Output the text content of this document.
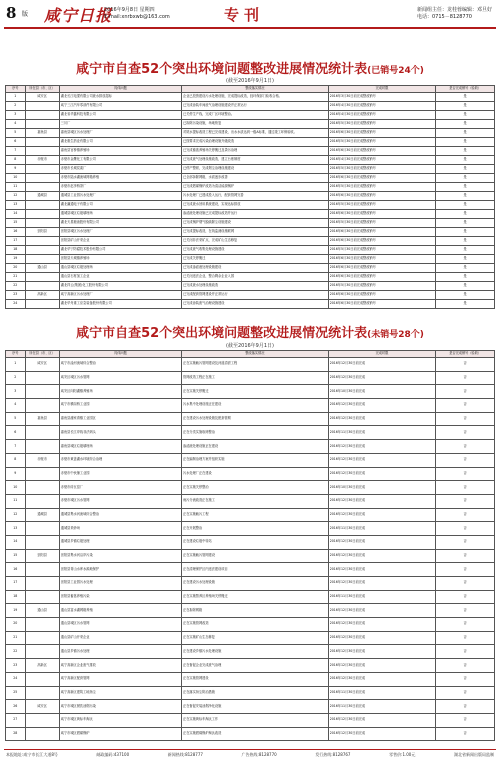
8 版 咸宁日报
2016年9月8日 星期四
E-mail:xnrbxwb@163.com	专刊	新闻组主任：龙桂蓉编辑：邓旦好
电话：0715－8128770
咸宁市自查52个突出环境问题整改进展情况统计表(已销号24个)
(截至2016年9月1日)
序号	所在县（市、区）	具体问题	整改落实情况	完成时限	是否完成销号（验收）
1	咸安区	湖北长江电缆有限公司废水排放超标	企业已投资建设污水处理设施，完成提标改造，经环保部门验收合格。	2016年3月30日前完成整改销号	是
2		咸宁三江汽车零部件有限公司	已完成涂装车间废气治理设施建设并正常运行	2016年4月30日前完成整改销号	是
3		湖北省华鑫科技有限公司	已关停生产线，完成厂区环境整治。	2016年4月30日前完成整改销号	是
4		三川厂	已拆除污染设施，场地恢复	2016年5月30日前完成整改销号	是
5	嘉鱼县	嘉鱼县城区污水处理厂	对尾水提标改造工程已完成建设，出水水质达到一级A标准，通过竣工环保验收。	2016年6月30日前完成整改销号	是
6		湖北惠生药业有限公司	已按要求完成污染治理设施升级改造	2016年5月30日前完成整改销号	是
7		嘉鱼县官桥镇养殖场	已完成畜禽养殖场关停搬迁及粪污治理	2016年6月30日前完成整改销号	是
8	赤壁市	赤壁市金鹰化工有限公司	已完成废气处理设施改造，建立台账制度	2016年4月30日前完成整改销号	是
9		赤壁市长城炭素厂	已停产整顿，完成烟尘治理设施建设	2016年5月30日前完成整改销号	是
10		赤壁市陆水湖流域网箱养殖	已全部拆除网箱，水质逐步改善	2016年6月30日前完成整改销号	是
11		赤壁市赵李桥茶厂	已完成燃煤锅炉改造为清洁能源锅炉	2016年5月30日前完成整改销号	是
12	通城县	通城县工业园污水处理厂	污水处理厂已建成投入运行，配套管网完善	2016年6月30日前完成整改销号	是
13		湖北瀛通电子有限公司	已完成废水回用系统建设，实现达标排放	2016年5月30日前完成整改销号	是
14		通城县城区垃圾填埋场	渗滤液处理设施已完成提标改造并运行	2016年6月30日前完成整改销号	是
15		湖北天星粮油股份有限公司	已完成锅炉烟气脱硫除尘设施建设	2016年5月30日前完成整改销号	是
16	崇阳县	崇阳县城区污水处理厂	已完成提标改造，在线监测设施联网	2016年6月30日前完成整改销号	是
17		崇阳县矿山开采企业	已关闭非法采矿点，完成矿山生态修复	2016年6月30日前完成整改销号	是
18		湖北华宁防腐技术股份有限公司	已完成废气收集处理设施建设	2016年5月30日前完成整改销号	是
19		崇阳县天城镇养殖场	已完成关停搬迁	2016年6月30日前完成整改销号	是
20	通山县	通山县城区垃圾处理场	已完成渗滤液处理设施建设	2016年6月30日前完成整改销号	是
21		通山县石材加工企业	已关闭违法企业，整合剩余企业入园	2016年6月30日前完成整改销号	是
22		湖北祥云(集团)化工股份有限公司	已完成废水处理设施改造	2016年5月30日前完成整改销号	是
23	高新区	咸宁高新区污水处理厂	已完成配套管网建设并正常运行	2016年6月30日前完成整改销号	是
24		湖北华舟重工应急装备股份有限公司	已完成涂装废气治理设施建设	2016年6月30日前完成整改销号	是
咸宁市自查52个突出环境问题整改进展情况统计表(未销号28个)
(截至2016年9月1日)
序号	所在县（市、区）	具体问题	整改落实情况	完成时限	是否完成销号（验收）
1	咸安区	咸宁市淦河流域综合整治	正在实施截污管网建设及河道清淤工程	2016年12月30日前完成	否
2		咸安区城区污水管网	管网改造工程正在施工	2016年12月30日前完成	否
3		咸安区向阳湖镇养殖场	正在实施关停搬迁	2016年10月30日前完成	否
4		咸宁市横沟桥工业园	污水集中处理设施正在建设	2016年12月30日前完成	否
5	嘉鱼县	嘉鱼县潘家湾镇工业园区	正在建设污水处理设施及配套管网	2016年12月30日前完成	否
6		嘉鱼县长江岸线非法码头	正在分类实施取缔整治	2016年11月30日前完成	否
7		嘉鱼县城区垃圾填埋场	渗滤液处理设施正在建设	2016年12月30日前完成	否
8	赤壁市	赤壁市黄盖湖水环境综合治理	正在编制治理方案并组织实施	2016年12月30日前完成	否
9		赤壁市中伙铺工业园	污水处理厂正在建设	2016年12月30日前完成	否
10		赤壁市砖瓦窑厂	正在实施关停整治	2016年10月30日前完成	否
11		赤壁市城区污水管网	雨污分流改造正在施工	2016年12月30日前完成	否
12	通城县	通城县隽水河流域综合整治	正在实施截污工程	2016年12月30日前完成	否
13		通城县采砂场	正在开展整治	2016年11月30日前完成	否
14		通城县乡镇垃圾处理	正在建设垃圾中转站	2016年12月30日前完成	否
15	崇阳县	崇阳县隽水河沿岸污染	正在实施截污管网建设	2016年12月30日前完成	否
16		崇阳县青山水库水源地保护	正在清理保护区内违法建设项目	2016年12月30日前完成	否
17		崇阳县工业园污水处理	正在建设污水处理设施	2016年12月30日前完成	否
18		崇阳县畜禽养殖污染	正在实施禁养区养殖场关停搬迁	2016年11月30日前完成	否
19	通山县	通山县富水湖网箱养殖	正在拆除网箱	2016年12月30日前完成	否
20		通山县城区污水管网	正在实施管网改造	2016年12月30日前完成	否
21		通山县矿山开采企业	正在实施矿山生态修复	2016年12月30日前完成	否
22		通山县乡镇污水处理	正在建设乡镇污水处理设施	2016年12月30日前完成	否
23	高新区	咸宁高新区企业废气排放	正在督促企业完成废气治理	2016年12月30日前完成	否
24		咸宁高新区配套管网	正在实施管网建设	2016年12月30日前完成	否
25		咸宁高新区建筑工地扬尘	正在落实扬尘防治措施	2016年11月30日前完成	否
26	咸安区	咸宁市城区餐饮油烟污染	正在督促安装油烟净化设施	2016年11月30日前完成	否
27		咸宁市城区黄标车淘汰	正在实施黄标车淘汰工作	2016年12月30日前完成	否
28		咸宁市城区燃煤锅炉	正在实施燃煤锅炉淘汰改造	2016年12月30日前完成	否
本报地址:咸宁市长江大道8号	邮政编码:437100	新闻热线:8128777	广告热线:8128770	发行热线:8128767	零售价:1.00元	湖北省新闻出版局监制
